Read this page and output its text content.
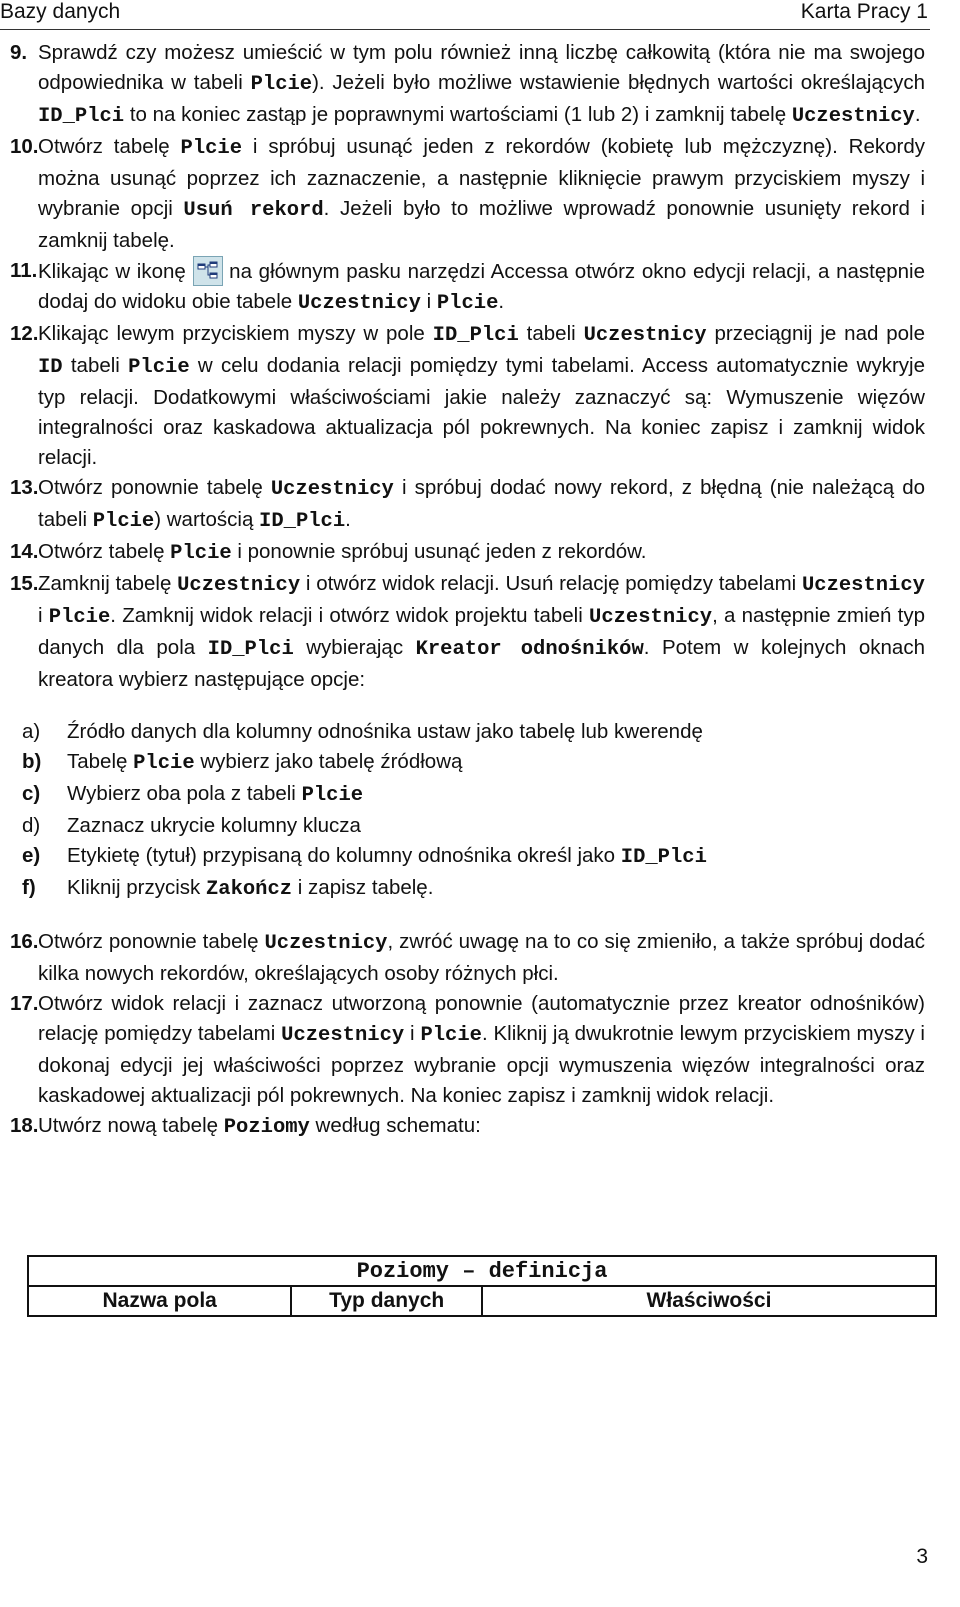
Bazy danych	Karta Pracy 1
9. Sprawdź czy możesz umieścić w tym polu również inną liczbę całkowitą (która nie ma swojego odpowiednika w tabeli Plcie). Jeżeli było możliwe wstawienie błędnych wartości określających ID_Plci to na koniec zastąp je poprawnymi wartościami (1 lub 2) i zamknij tabelę Uczestnicy.
10. Otwórz tabelę Plcie i spróbuj usunąć jeden z rekordów (kobietę lub mężczyznę). Rekordy można usunąć poprzez ich zaznaczenie, a następnie kliknięcie prawym przyciskiem myszy i wybranie opcji Usuń rekord. Jeżeli było to możliwe wprowadź ponownie usunięty rekord i zamknij tabelę.
11. Klikając w ikonę
na głównym pasku narzędzi Accessa otwórz okno edycji relacji, a następnie dodaj do widoku obie tabele Uczestnicy i Plcie.
12. Klikając lewym przyciskiem myszy w pole ID_Plci tabeli Uczestnicy przeciągnij je nad pole ID tabeli Plcie w celu dodania relacji pomiędzy tymi tabelami. Access automatycznie wykryje typ relacji. Dodatkowymi właściwościami jakie należy zaznaczyć są: Wymuszenie więzów integralności oraz kaskadowa aktualizacja pól pokrewnych. Na koniec zapisz i zamknij widok relacji.
13. Otwórz ponownie tabelę Uczestnicy i spróbuj dodać nowy rekord, z błędną (nie należącą do tabeli Plcie) wartością ID_Plci.
14. Otwórz tabelę Plcie i ponownie spróbuj usunąć jeden z rekordów.
15. Zamknij tabelę Uczestnicy i otwórz widok relacji. Usuń relację pomiędzy tabelami Uczestnicy i Plcie. Zamknij widok relacji i otwórz widok projektu tabeli Uczestnicy, a następnie zmień typ danych dla pola ID_Plci wybierając Kreator odnośników. Potem w kolejnych oknach kreatora wybierz następujące opcje:
a) Źródło danych dla kolumny odnośnika ustaw jako tabelę lub kwerendę
b) Tabelę Plcie wybierz jako tabelę źródłową
c) Wybierz oba pola z tabeli Plcie
d) Zaznacz ukrycie kolumny klucza
e) Etykietę (tytuł) przypisaną do kolumny odnośnika określ jako ID_Plci
f) Kliknij przycisk Zakończ i zapisz tabelę.
16. Otwórz ponownie tabelę Uczestnicy, zwróć uwagę na to co się zmieniło, a także spróbuj dodać kilka nowych rekordów, określających osoby różnych płci.
17. Otwórz widok relacji i zaznacz utworzoną ponownie (automatycznie przez kreator odnośników) relację pomiędzy tabelami Uczestnicy i Plcie. Kliknij ją dwukrotnie lewym przyciskiem myszy i dokonaj edycji jej właściwości poprzez wybranie opcji wymuszenia więzów integralności oraz kaskadowej aktualizacji pól pokrewnych. Na koniec zapisz i zamknij widok relacji.
18. Utwórz nową tabelę Poziomy według schematu:
Poziomy – definicja
Nazwa pola	Typ danych	Właściwości
3
